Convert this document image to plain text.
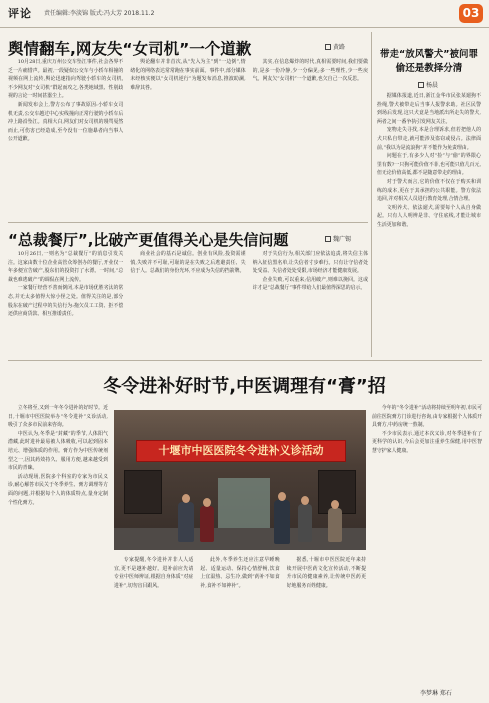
评论 责任编辑:李淡锦 版式:冯大芳 2018.11.2	03
舆情翻车,网友失“女司机”一个道歉	黄路

10月28日,重庆万州公交车坠江事件,社会各界不乏一片痛惜声。最初,一段疑似公交车与小轿车相撞的视频在网上流传,舆论迅速指向驾驶小轿车的女司机,不少网友对“女司机”群起而攻之,各类地域黑、性别歧视的言论一时间甚嚣尘上。

新闻发布会上,警方公布了事故原因:小轿车女司机无责,公交车越过中心实线撞向正常行驶的小轿车后冲上路沿坠江。真相大白,网友们对女司机的谩骂戛然而止,可伤害已经造成,至今没有一位施暴者向当事人公开道歉。

舆论翻车并非首次,从“先入为主”到“一边倒”,情绪化的网络表达常常跑在事实前面。事件中,部分媒体未经核实便以“女司机逆行”为题发布消息,推波助澜,难辞其咎。

其实,在信息爆炸的时代,真相需要时间,我们要做的,是多一份冷静,少一分偏见;多一些理性,少一些戾气。网友欠“女司机”一个道歉,也欠自己一次反思。

带走“放风警犬”被问罪 偷还是教择分清
杨晨

据媒体报道,近日,浙江金华市民张某遛狗不拴绳,警犬被带走后当事人报警求助。社区民警到场后发现,这只犬竟是当地派出所走失的警犬,两者之间一番争执引发网友关注。

宠物走失寻找,本是合理诉求,但若把他人的犬只私自带走,就可能涉及盗窃或侵占。法律面前,“我以为是流浪狗”并不能作为免责理由。

问题在于,有多少人对“捡”与“偷”的界限心里有数?一只狗可能价值不菲,也可能只值几百元,但无论价值高低,都不是随意带走的理由。

对于警犬而言,它的价值不仅在于购买和训练的成本,更在于其承担的公共职能。警方依法追回,并对相关人员进行教育处理,合情合理。

文明养犬、依法遛犬,需要每个人从自身做起。只有人人明辨是非、守住底线,才能让城市生活更加和谐。

“总裁餐厅”,比破产更值得关心是失信问题	魏广锡

10月26日,一则名为“总裁餐厅”的消息引发关注。这家由数十位企业高管众筹创办的餐厅,开业仅一年多便宣告破产,股东们的投资打了水漂。一时间,“总裁也难逃破产”的调侃在网上流传。

一家餐厅经营不善而倒闭,本是市场优胜劣汰的常态,并无太多值得大惊小怪之处。值得关注的是,部分股东在破产过程中的失信行为:拖欠员工工资、拒不偿还供应商货款、相互推诿责任。

商业社会的基石是诚信。创业有风险,投资需谨慎,失败并不可耻,可耻的是在失败之后逃避责任、失信于人。总裁们的身份光环,不应成为失信的挡箭牌。

对于失信行为,相关部门应依法追责,将失信主体纳入征信黑名单,让失信者寸步难行。只有让守信者处处受益、失信者处处受限,市场经济才能健康发展。

企业失败,可以重来;信用破产,则难以挽回。这或许才是“总裁餐厅”事件带给人们最值得深思的启示。

冬令进补好时节,中医调理有“膏”招

立冬将至,又到一年冬令进补的好时节。近日,十堰市中医医院举办“冬令进补”义诊活动,吸引了众多市民前来咨询。

中医认为,冬季是“封藏”的季节,人体阳气潜藏,此时进补最易被人体吸收,可以起到固本培元、增强体质的作用。膏方作为中医传统剂型之一,因其药效持久、服用方便,越来越受到市民的青睐。

活动现场,医院多个科室的专家为市民义诊,耐心解答市民关于冬季养生、膏方调理等方面的问题,并根据每个人的体质特点,量身定制个性化膏方。

十堰市中医医院冬令进补义诊活动

专家提醒,冬令进补并非人人适宜,更不是越补越好。进补前应先请专业中医师辨证,根据自身体质“对症进补”,切勿盲目跟风。

此外,冬季养生还应注意早睡晚起、适量运动、保持心情舒畅,饮食上宜温热、忌生冷,做到“药补不如食补,食补不如神补”。

据悉,十堰市中医医院近年来持续开展中医药文化宣传活动,不断提升市民的健康素养,让传统中医药更好地服务百姓健康。

今年的“冬令进补”活动将持续至明年初,市民可前往医院膏方门诊进行咨询,由专家根据个人体质开具膏方,中药房统一熬制。

不少市民表示,通过本次义诊,对冬季进补有了更科学的认识,今后会更加注重养生保健,用中医智慧守护家人健康。

李梦琳 郑石
